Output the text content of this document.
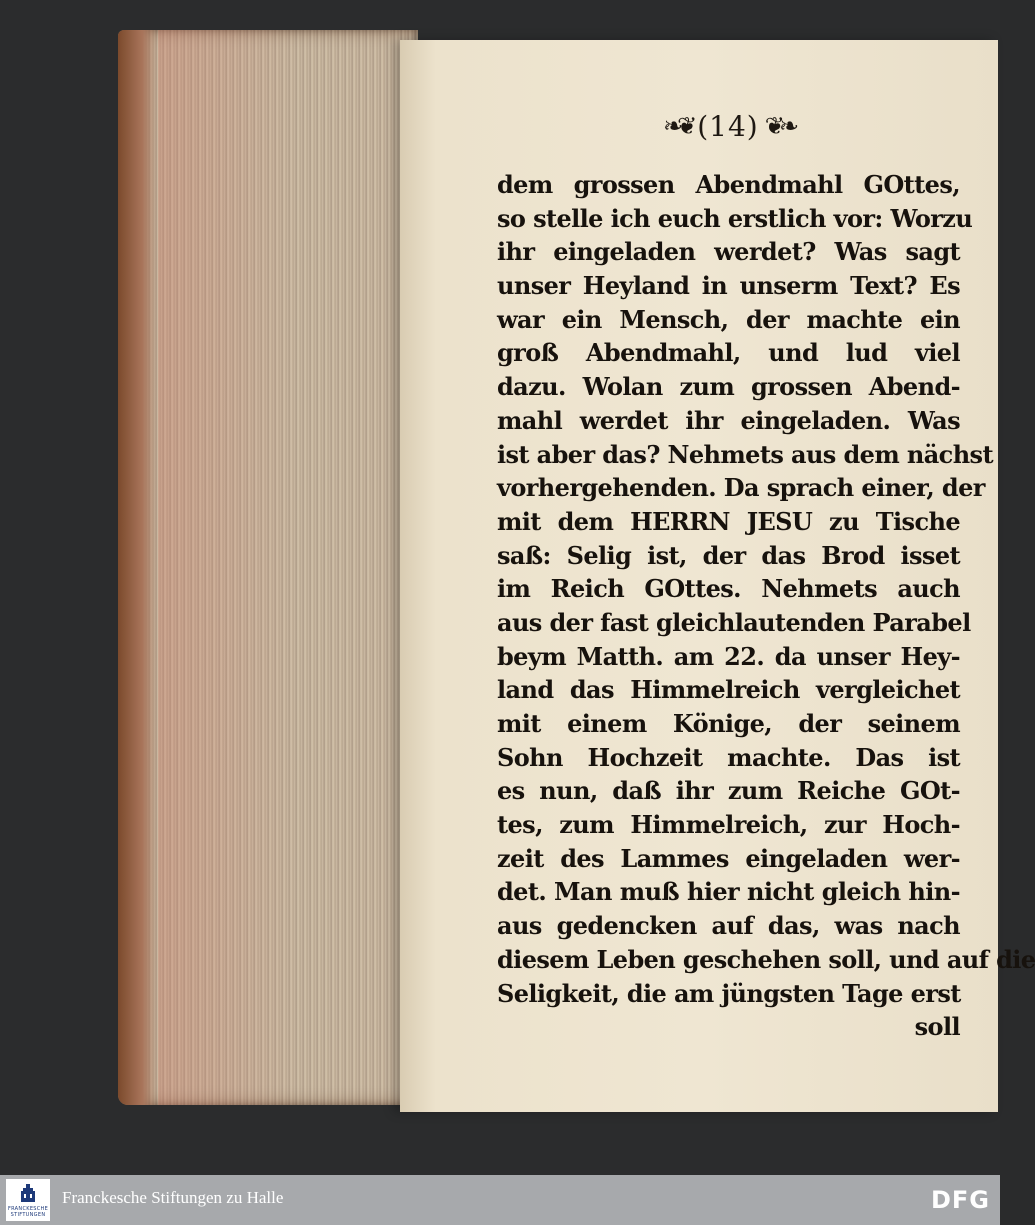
❧❦ (14) ❦❧
dem grossen Abendmahl GOttes,
so stelle ich euch erstlich vor: Worzu
ihr eingeladen werdet? Was sagt
unser Heyland in unserm Text? Es
war ein Mensch, der machte ein
groß Abendmahl, und lud viel
dazu. Wolan zum grossen Abend-
mahl werdet ihr eingeladen. Was
ist aber das? Nehmets aus dem nächst
vorhergehenden. Da sprach einer, der
mit dem HERRN JESU zu Tische
saß: Selig ist, der das Brod isset
im Reich GOttes. Nehmets auch
aus der fast gleichlautenden Parabel
beym Matth. am 22. da unser Hey-
land das Himmelreich vergleichet
mit einem Könige, der seinem
Sohn Hochzeit machte. Das ist
es nun, daß ihr zum Reiche GOt-
tes, zum Himmelreich, zur Hoch-
zeit des Lammes eingeladen wer-
det. Man muß hier nicht gleich hin-
aus gedencken auf das, was nach
diesem Leben geschehen soll, und auf die
Seligkeit, die am jüngsten Tage erst
soll
FRANCKESCHE STIFTUNGEN
Franckesche Stiftungen zu Halle	DFG
